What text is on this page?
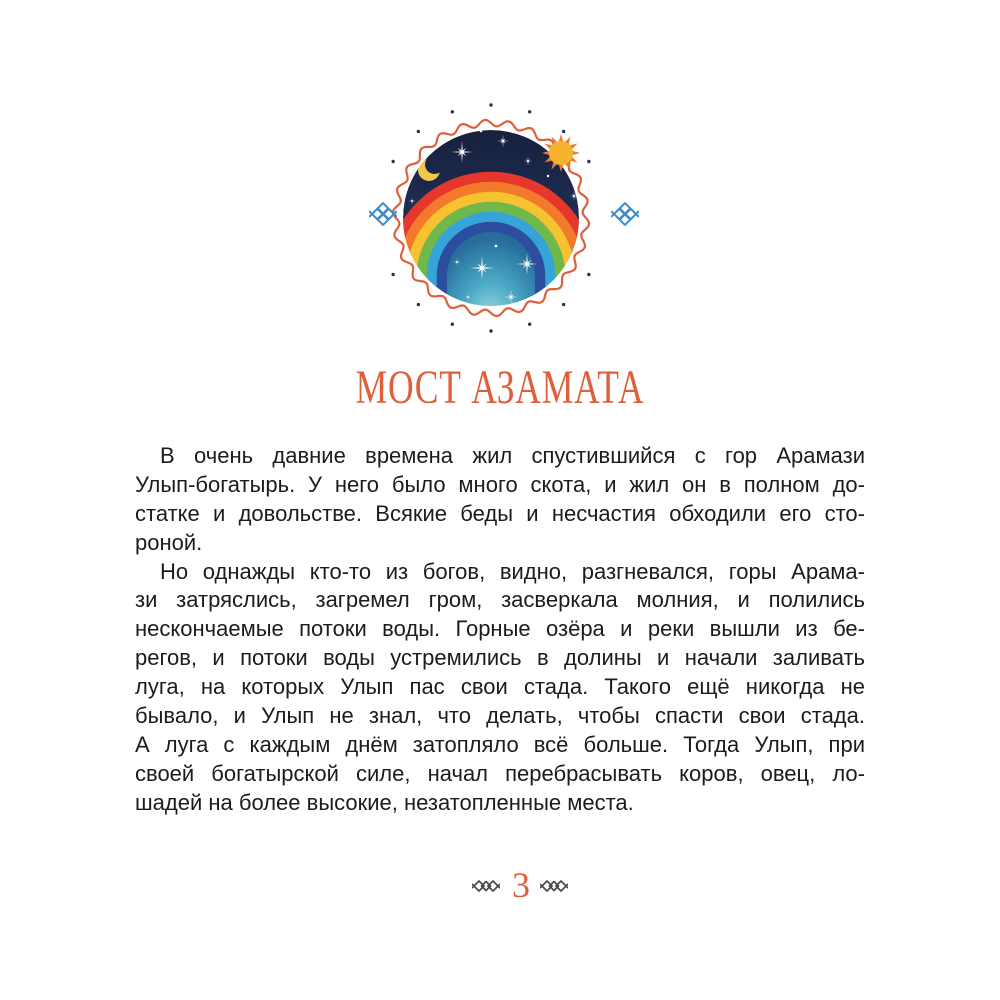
МОСТ АЗАМАТА
В очень давние времена жил спустившийся с гор Арамази
Улып-богатырь. У него было много скота, и жил он в полном до-
статке и довольстве. Всякие беды и несчастия обходили его сто-
роной.
Но однажды кто-то из богов, видно, разгневался, горы Арама-
зи затряслись, загремел гром, засверкала молния, и полились
нескончаемые потоки воды. Горные озёра и реки вышли из бе-
регов, и потоки воды устремились в долины и начали заливать
луга, на которых Улып пас свои стада. Такого ещё никогда не
бывало, и Улып не знал, что делать, чтобы спасти свои стада.
А луга с каждым днём затопляло всё больше. Тогда Улып, при
своей богатырской силе, начал перебрасывать коров, овец, ло-
шадей на более высокие, незатопленные места.
3
